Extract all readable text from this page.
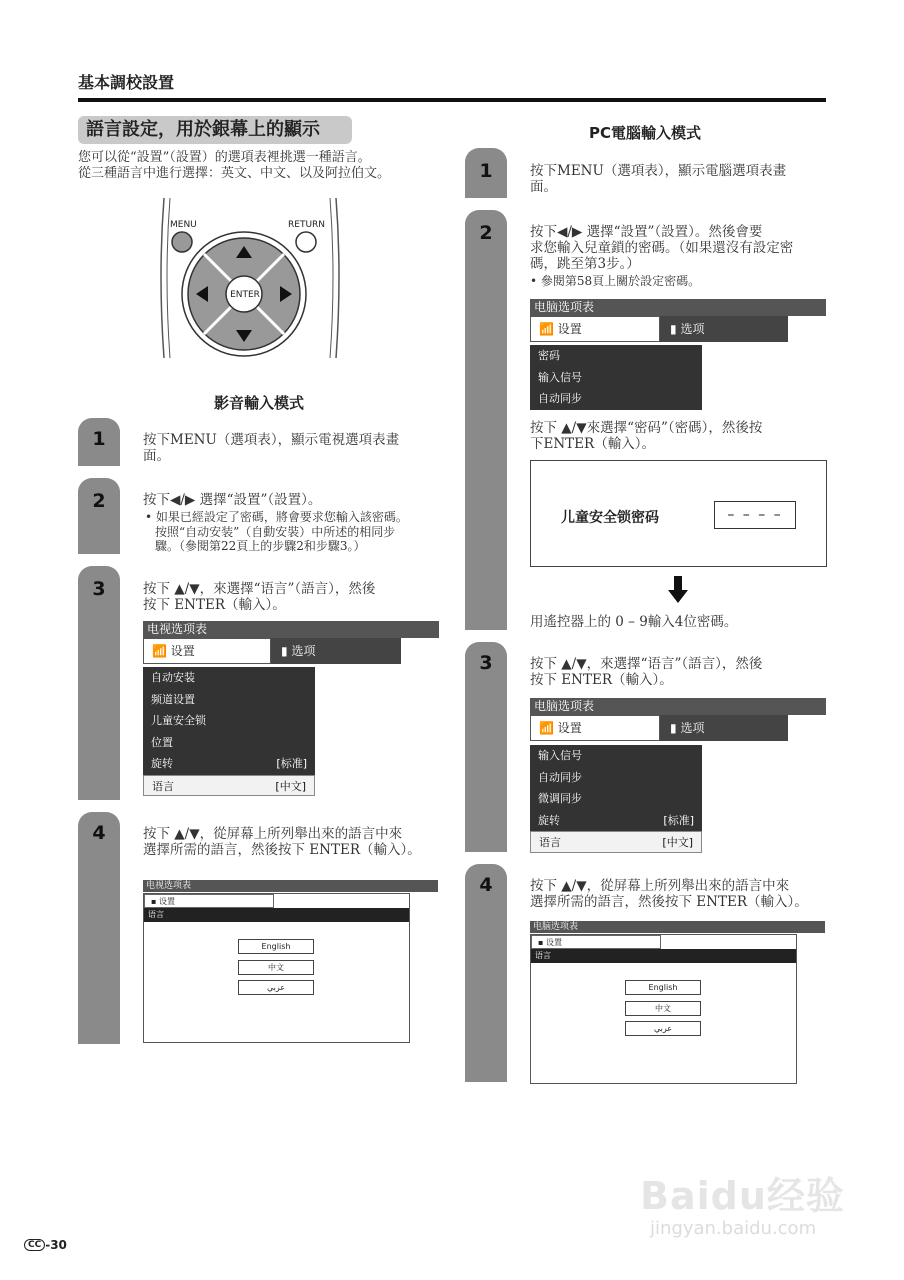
基本調校設置
語言設定，用於銀幕上的顯示
您可以從“設置”（設置）的選項表裡挑選一種語言。
從三種語言中進行選擇：英文、中文、以及阿拉伯文。
MENU	RETURN
ENTER
影音輸入模式
1	按下MENU（選項表），顯示電視選項表畫
面。
2	按下◀/▶ 選擇“設置”（設置）。
• 如果已經設定了密碼，將會要求您輸入該密碼。
按照“自动安装”（自動安裝）中所述的相同步
驟。（參閱第22頁上的步驟2和步驟3。）
3	按下 ▲/▼，來選擇“语言”（語言），然後
按下 ENTER（輸入）。
电视选项表
📶 设置	▮ 选项
自动安装
频道设置
儿童安全锁
位置
旋转	[标准]
语言	[中文]
4	按下 ▲/▼，從屏幕上所列舉出來的語言中來
選擇所需的語言，然後按下 ENTER（輸入）。
电视选项表
▪ 设置
语言
English
中文
عربي
PC電腦輸入模式
1	按下MENU（選項表），顯示電腦選項表畫
面。
2	按下◀/▶ 選擇“設置”（設置）。然後會要
求您輸入兒童鎖的密碼。（如果還沒有設定密
碼，跳至第3步。）
• 參閱第58頁上關於設定密碼。
电脑选项表
📶 设置	▮ 选项
密码
输入信号
自动同步
按下 ▲/▼來選擇“密码”（密碼），然後按
下ENTER（輸入）。
儿童安全锁密码	– – – –
用遙控器上的 0 – 9輸入4位密碼。
3	按下 ▲/▼，來選擇“语言”（語言），然後
按下 ENTER（輸入）。
电脑选项表
📶 设置	▮ 选项
输入信号
自动同步
微调同步
旋转	[标准]
语言	[中文]
4	按下 ▲/▼，從屏幕上所列舉出來的語言中來
選擇所需的語言，然後按下 ENTER（輸入）。
电脑选项表
▪ 设置
语言
English
中文
عربي
Baidu经验
jingyan.baidu.com
CC -30
